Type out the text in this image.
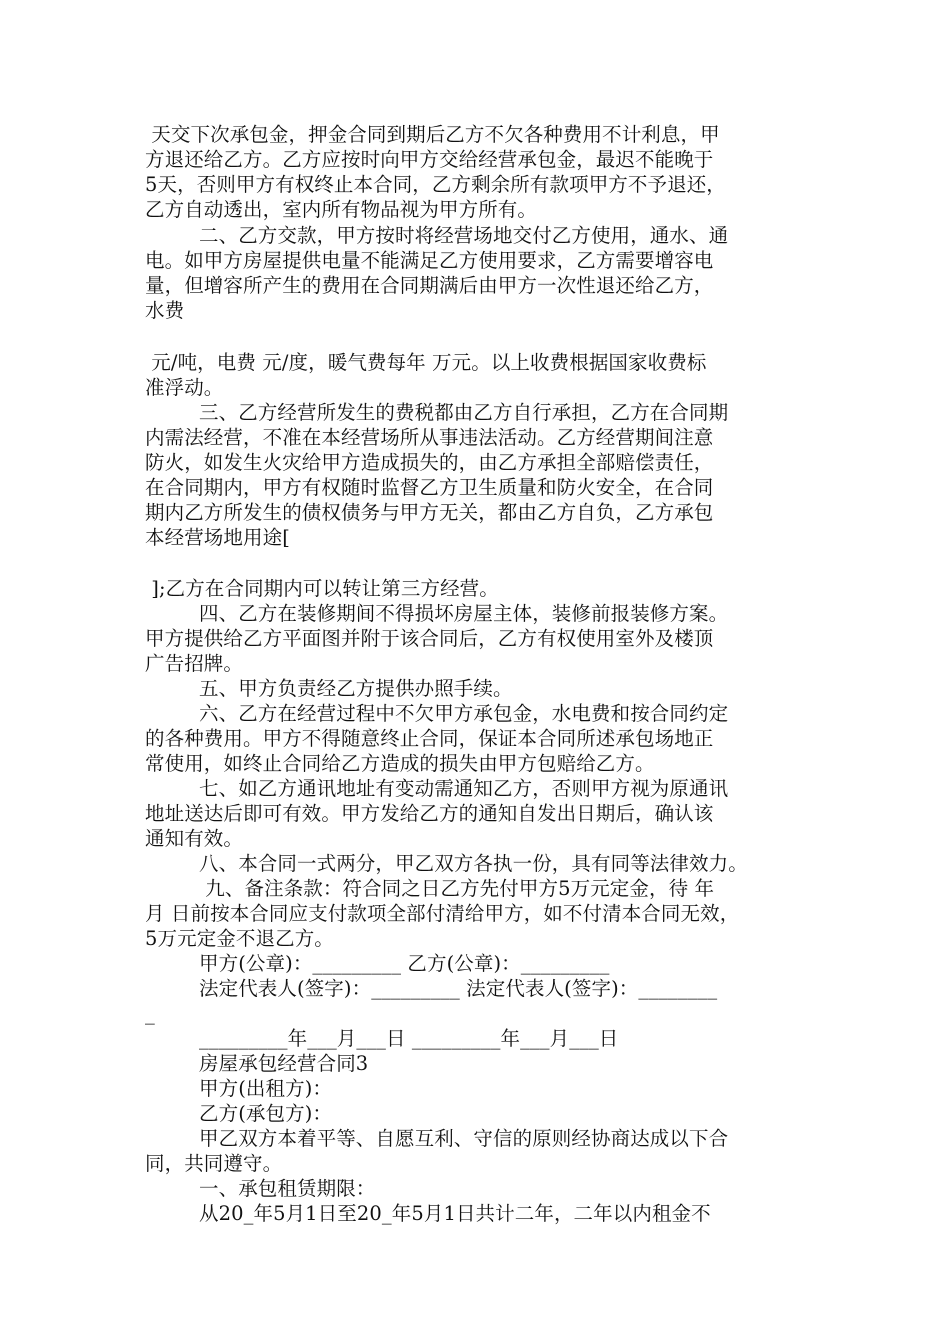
天交下次承包金，押金合同到期后乙方不欠各种费用不计利息，甲
方退还给乙方。乙方应按时向甲方交给经营承包金，最迟不能晚于
5天，否则甲方有权终止本合同，乙方剩余所有款项甲方不予退还，
乙方自动透出，室内所有物品视为甲方所有。
二、乙方交款，甲方按时将经营场地交付乙方使用，通水、通
电。如甲方房屋提供电量不能满足乙方使用要求，乙方需要增容电
量，但增容所产生的费用在合同期满后由甲方一次性退还给乙方，
水费
元/吨，电费 元/度，暖气费每年 万元。以上收费根据国家收费标
准浮动。
三、乙方经营所发生的费税都由乙方自行承担，乙方在合同期
内需法经营，不准在本经营场所从事违法活动。乙方经营期间注意
防火，如发生火灾给甲方造成损失的，由乙方承担全部赔偿责任，
在合同期内，甲方有权随时监督乙方卫生质量和防火安全，在合同
期内乙方所发生的债权债务与甲方无关，都由乙方自负，乙方承包
本经营场地用途[
];乙方在合同期内可以转让第三方经营。
四、乙方在装修期间不得损坏房屋主体，装修前报装修方案。
甲方提供给乙方平面图并附于该合同后，乙方有权使用室外及楼顶
广告招牌。
五、甲方负责经乙方提供办照手续。
六、乙方在经营过程中不欠甲方承包金，水电费和按合同约定
的各种费用。甲方不得随意终止合同，保证本合同所述承包场地正
常使用，如终止合同给乙方造成的损失由甲方包赔给乙方。
七、如乙方通讯地址有变动需通知乙方，否则甲方视为原通讯
地址送达后即可有效。甲方发给乙方的通知自发出日期后，确认该
通知有效。
八、本合同一式两分，甲乙双方各执一份，具有同等法律效力。
九、备注条款：符合同之日乙方先付甲方5万元定金，待 年
月 日前按本合同应支付款项全部付清给甲方，如不付清本合同无效，
5万元定金不退乙方。
甲方(公章)：_________ 乙方(公章)：_________
法定代表人(签字)：_________ 法定代表人(签字)：________
_
_________年___月___日 _________年___月___日
房屋承包经营合同3
甲方(出租方)：
乙方(承包方)：
甲乙双方本着平等、自愿互利、守信的原则经协商达成以下合
同，共同遵守。
一、承包租赁期限：
从20_年5月1日至20_年5月1日共计二年，二年以内租金不
